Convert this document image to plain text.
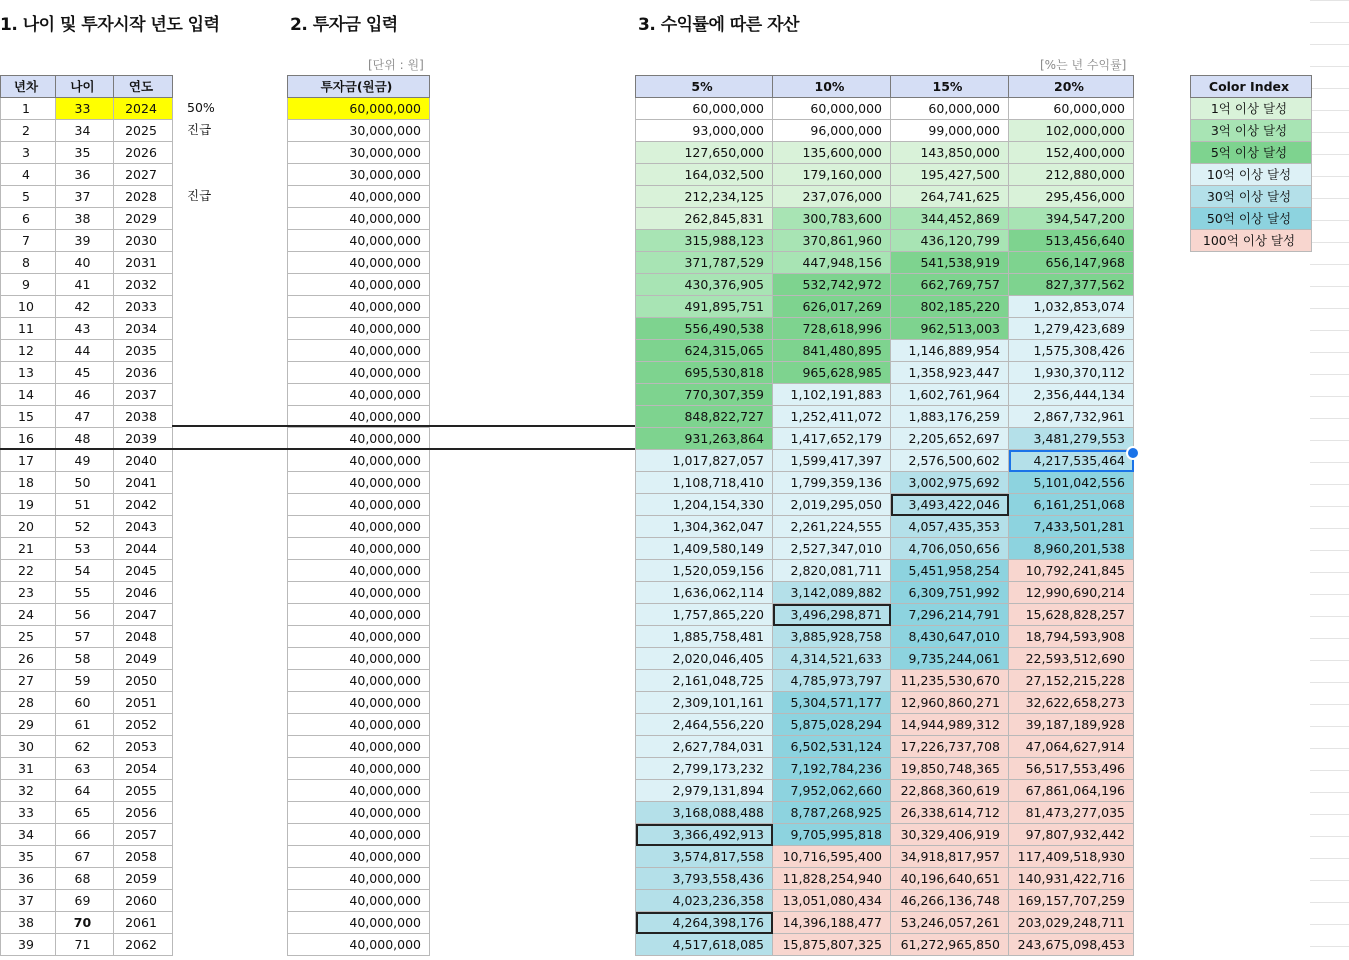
1. 나이 및 투자시작 년도 입력	2. 투자금 입력	3. 수익률에 따른 자산
[단위 : 원]	[%는 년 수익률]
년차	나이	연도
1	33	2024
2	34	2025
3	35	2026
4	36	2027
5	37	2028
6	38	2029
7	39	2030
8	40	2031
9	41	2032
10	42	2033
11	43	2034
12	44	2035
13	45	2036
14	46	2037
15	47	2038
16	48	2039
17	49	2040
18	50	2041
19	51	2042
20	52	2043
21	53	2044
22	54	2045
23	55	2046
24	56	2047
25	57	2048
26	58	2049
27	59	2050
28	60	2051
29	61	2052
30	62	2053
31	63	2054
32	64	2055
33	65	2056
34	66	2057
35	67	2058
36	68	2059
37	69	2060
38	70	2061
39	71	2062
50%
진급
진급
투자금(원금)
60,000,000
30,000,000
30,000,000
30,000,000
40,000,000
40,000,000
40,000,000
40,000,000
40,000,000
40,000,000
40,000,000
40,000,000
40,000,000
40,000,000
40,000,000
40,000,000
40,000,000
40,000,000
40,000,000
40,000,000
40,000,000
40,000,000
40,000,000
40,000,000
40,000,000
40,000,000
40,000,000
40,000,000
40,000,000
40,000,000
40,000,000
40,000,000
40,000,000
40,000,000
40,000,000
40,000,000
40,000,000
40,000,000
40,000,000
5%	10%	15%	20%
60,000,000	60,000,000	60,000,000	60,000,000
93,000,000	96,000,000	99,000,000	102,000,000
127,650,000	135,600,000	143,850,000	152,400,000
164,032,500	179,160,000	195,427,500	212,880,000
212,234,125	237,076,000	264,741,625	295,456,000
262,845,831	300,783,600	344,452,869	394,547,200
315,988,123	370,861,960	436,120,799	513,456,640
371,787,529	447,948,156	541,538,919	656,147,968
430,376,905	532,742,972	662,769,757	827,377,562
491,895,751	626,017,269	802,185,220	1,032,853,074
556,490,538	728,618,996	962,513,003	1,279,423,689
624,315,065	841,480,895	1,146,889,954	1,575,308,426
695,530,818	965,628,985	1,358,923,447	1,930,370,112
770,307,359	1,102,191,883	1,602,761,964	2,356,444,134
848,822,727	1,252,411,072	1,883,176,259	2,867,732,961
931,263,864	1,417,652,179	2,205,652,697	3,481,279,553
1,017,827,057	1,599,417,397	2,576,500,602	4,217,535,464
1,108,718,410	1,799,359,136	3,002,975,692	5,101,042,556
1,204,154,330	2,019,295,050	3,493,422,046	6,161,251,068
1,304,362,047	2,261,224,555	4,057,435,353	7,433,501,281
1,409,580,149	2,527,347,010	4,706,050,656	8,960,201,538
1,520,059,156	2,820,081,711	5,451,958,254	10,792,241,845
1,636,062,114	3,142,089,882	6,309,751,992	12,990,690,214
1,757,865,220	3,496,298,871	7,296,214,791	15,628,828,257
1,885,758,481	3,885,928,758	8,430,647,010	18,794,593,908
2,020,046,405	4,314,521,633	9,735,244,061	22,593,512,690
2,161,048,725	4,785,973,797	11,235,530,670	27,152,215,228
2,309,101,161	5,304,571,177	12,960,860,271	32,622,658,273
2,464,556,220	5,875,028,294	14,944,989,312	39,187,189,928
2,627,784,031	6,502,531,124	17,226,737,708	47,064,627,914
2,799,173,232	7,192,784,236	19,850,748,365	56,517,553,496
2,979,131,894	7,952,062,660	22,868,360,619	67,861,064,196
3,168,088,488	8,787,268,925	26,338,614,712	81,473,277,035
3,366,492,913	9,705,995,818	30,329,406,919	97,807,932,442
3,574,817,558	10,716,595,400	34,918,817,957	117,409,518,930
3,793,558,436	11,828,254,940	40,196,640,651	140,931,422,716
4,023,236,358	13,051,080,434	46,266,136,748	169,157,707,259
4,264,398,176	14,396,188,477	53,246,057,261	203,029,248,711
4,517,618,085	15,875,807,325	61,272,965,850	243,675,098,453
Color Index
1억 이상 달성
3억 이상 달성
5억 이상 달성
10억 이상 달성
30억 이상 달성
50억 이상 달성
100억 이상 달성
